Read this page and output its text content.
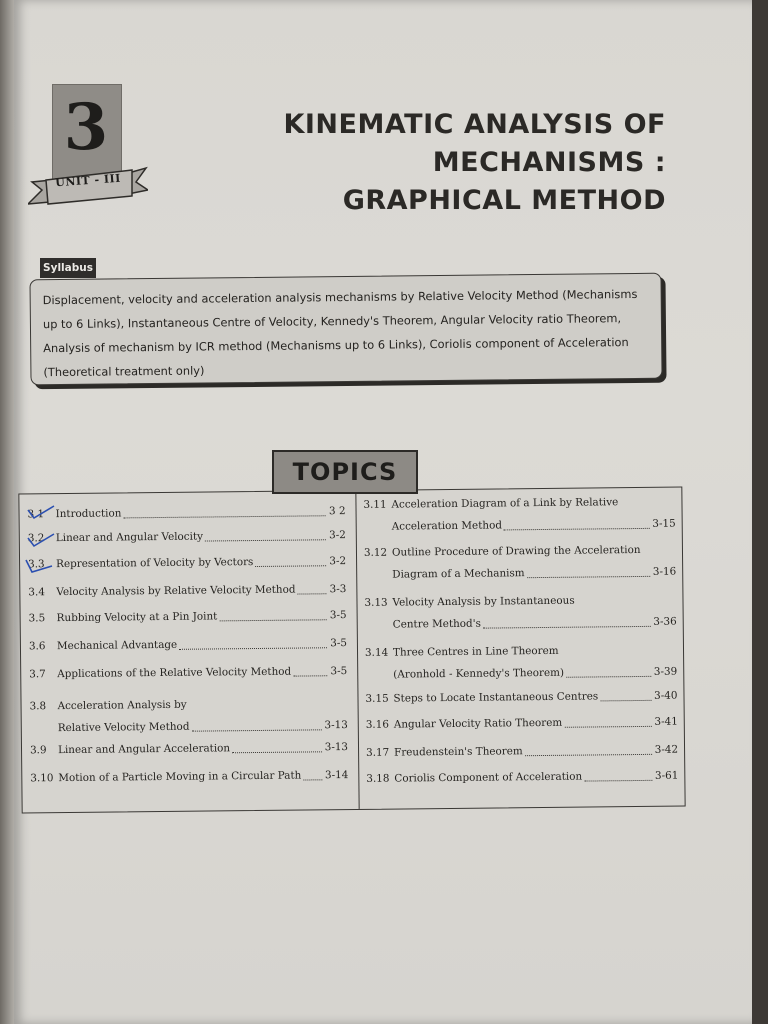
3
UNIT - III
KINEMATIC ANALYSIS OF
MECHANISMS :
GRAPHICAL METHOD
Displacement, velocity and acceleration analysis mechanisms by Relative Velocity Method (Mechanisms
up to 6 Links), Instantaneous Centre of Velocity, Kennedy's Theorem, Angular Velocity ratio Theorem,
Analysis of mechanism by ICR method (Mechanisms up to 6 Links), Coriolis component of Acceleration
(Theoretical treatment only)
Syllabus
3.1 Introduction	3 2
3.2 Linear and Angular Velocity	3-2
3.3 Representation of Velocity by Vectors	3-2
3.4 Velocity Analysis by Relative Velocity Method	3-3
3.5 Rubbing Velocity at a Pin Joint	3-5
3.6 Mechanical Advantage	3-5
3.7 Applications of the Relative Velocity Method	3-5
3.8 Acceleration Analysis by
Relative Velocity Method	3-13
3.9 Linear and Angular Acceleration	3-13
3.10 Motion of a Particle Moving in a Circular Path 3-14
3.11 Acceleration Diagram of a Link by Relative
Acceleration Method	3-15
3.12 Outline Procedure of Drawing the Acceleration
Diagram of a Mechanism	3-16
3.13 Velocity Analysis by Instantaneous
Centre Method's	3-36
3.14 Three Centres in Line Theorem
(Aronhold - Kennedy's Theorem)	3-39
3.15 Steps to Locate Instantaneous Centres	3-40
3.16 Angular Velocity Ratio Theorem	3-41
3.17 Freudenstein's Theorem	3-42
3.18 Coriolis Component of Acceleration	3-61
TOPICS
